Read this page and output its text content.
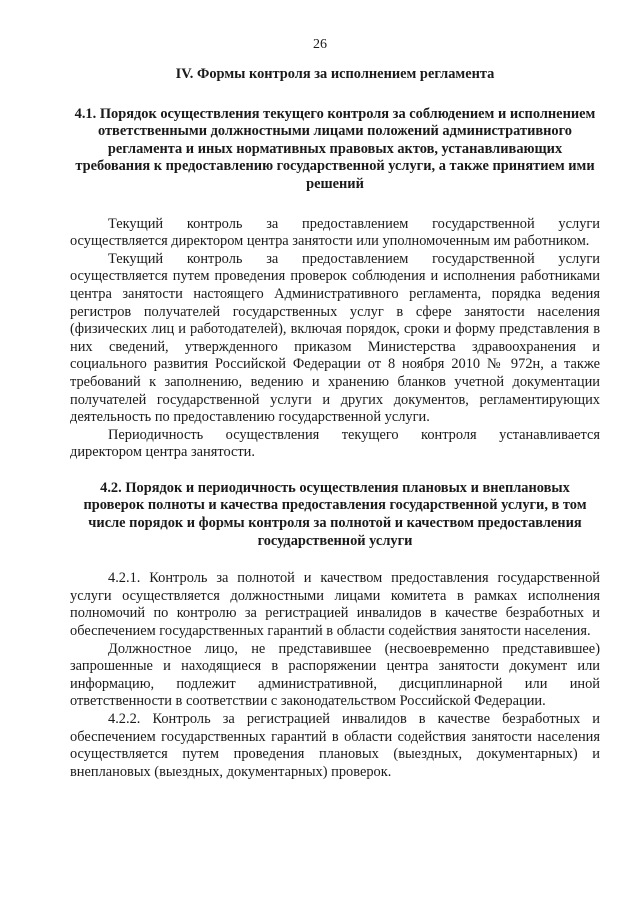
26

IV. Формы контроля за исполнением регламента

4.1. Порядок осуществления текущего контроля за соблюдением и исполнением ответственными должностными лицами положений административного регламента и иных нормативных правовых актов, устанавливающих требования к предоставлению государственной услуги, а также принятием ими решений

Текущий контроль за предоставлением государственной услуги осуществляется директором центра занятости или уполномоченным им работником.

Текущий контроль за предоставлением государственной услуги осуществляется путем проведения проверок соблюдения и исполнения работниками центра занятости настоящего Административного регламента, порядка ведения регистров получателей государственных услуг в сфере занятости населения (физических лиц и работодателей), включая порядок, сроки и форму представления в них сведений, утвержденного приказом Министерства здравоохранения и социального развития Российской Федерации от 8 ноября 2010 № 972н, а также требований к заполнению, ведению и хранению бланков учетной документации получателей государственной услуги и других документов, регламентирующих деятельность по предоставлению государственной услуги.

Периодичность осуществления текущего контроля устанавливается директором центра занятости.

4.2. Порядок и периодичность осуществления плановых и внеплановых проверок полноты и качества предоставления государственной услуги, в том числе порядок и формы контроля за полнотой и качеством предоставления государственной услуги

4.2.1. Контроль за полнотой и качеством предоставления государственной услуги осуществляется должностными лицами комитета в рамках исполнения полномочий по контролю за регистрацией инвалидов в качестве безработных и обеспечением государственных гарантий в области содействия занятости населения.

Должностное лицо, не представившее (несвоевременно представившее) запрошенные и находящиеся в распоряжении центра занятости документ или информацию, подлежит административной, дисциплинарной или иной ответственности в соответствии с законодательством Российской Федерации.

4.2.2. Контроль за регистрацией инвалидов в качестве безработных и обеспечением государственных гарантий в области содействия занятости населения осуществляется путем проведения плановых (выездных, документарных) и внеплановых (выездных, документарных) проверок.
